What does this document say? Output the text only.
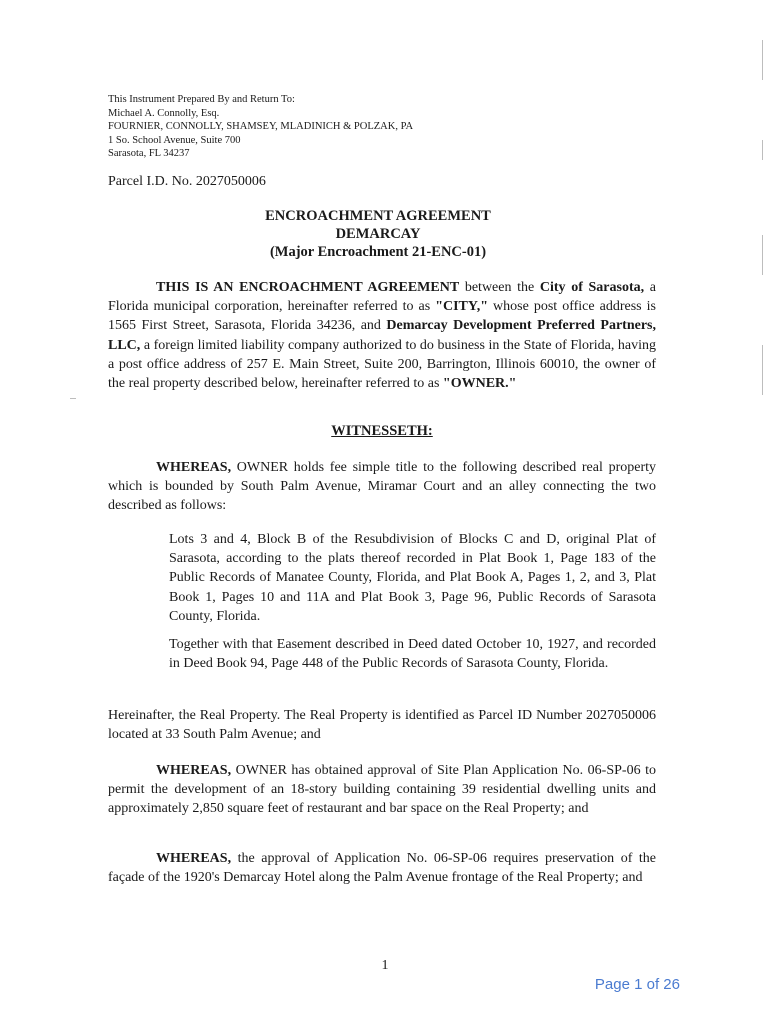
This Instrument Prepared By and Return To:
Michael A. Connolly, Esq.
FOURNIER, CONNOLLY, SHAMSEY, MLADINICH & POLZAK, PA
1 So. School Avenue, Suite 700
Sarasota, FL 34237
Parcel I.D. No. 2027050006
ENCROACHMENT AGREEMENT
DEMARCAY
(Major Encroachment 21-ENC-01)
THIS IS AN ENCROACHMENT AGREEMENT between the City of Sarasota, a Florida municipal corporation, hereinafter referred to as "CITY," whose post office address is 1565 First Street, Sarasota, Florida 34236, and Demarcay Development Preferred Partners, LLC, a foreign limited liability company authorized to do business in the State of Florida, having a post office address of 257 E. Main Street, Suite 200, Barrington, Illinois 60010, the owner of the real property described below, hereinafter referred to as "OWNER."
WITNESSETH:
WHEREAS, OWNER holds fee simple title to the following described real property which is bounded by South Palm Avenue, Miramar Court and an alley connecting the two described as follows:
Lots 3 and 4, Block B of the Resubdivision of Blocks C and D, original Plat of Sarasota, according to the plats thereof recorded in Plat Book 1, Page 183 of the Public Records of Manatee County, Florida, and Plat Book A, Pages 1, 2, and 3, Plat Book 1, Pages 10 and 11A and Plat Book 3, Page 96, Public Records of Sarasota County, Florida.
Together with that Easement described in Deed dated October 10, 1927, and recorded in Deed Book 94, Page 448 of the Public Records of Sarasota County, Florida.
Hereinafter, the Real Property. The Real Property is identified as Parcel ID Number 2027050006 located at 33 South Palm Avenue; and
WHEREAS, OWNER has obtained approval of Site Plan Application No. 06-SP-06 to permit the development of an 18-story building containing 39 residential dwelling units and approximately 2,850 square feet of restaurant and bar space on the Real Property; and
WHEREAS, the approval of Application No. 06-SP-06 requires preservation of the façade of the 1920's Demarcay Hotel along the Palm Avenue frontage of the Real Property; and
1
Page 1 of 26
